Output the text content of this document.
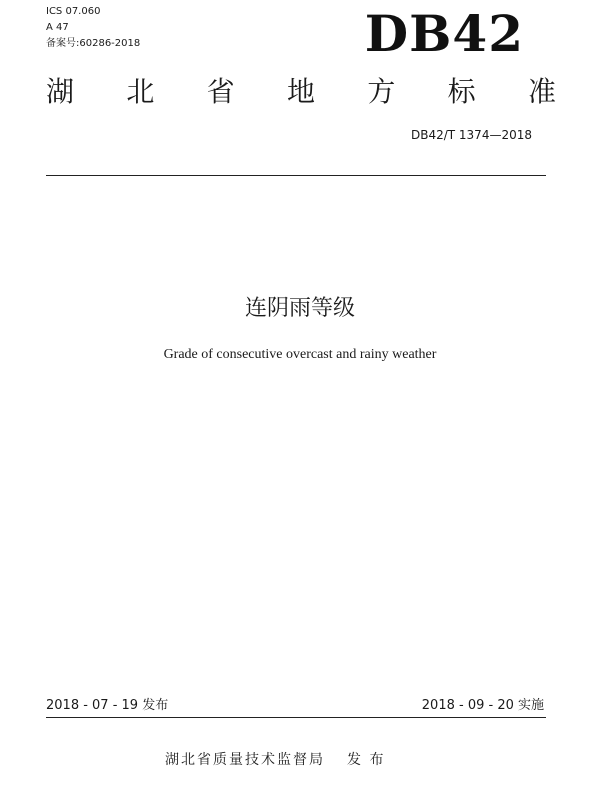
ICS 07.060
A 47
备案号:60286-2018	DB42
湖 北 省 地 方 标 准
DB42/T 1374—2018
连阴雨等级
Grade of consecutive overcast and rainy weather
2018 - 07 - 19 发布	2018 - 09 - 20 实施
湖北省质量技术监督局 发 布
